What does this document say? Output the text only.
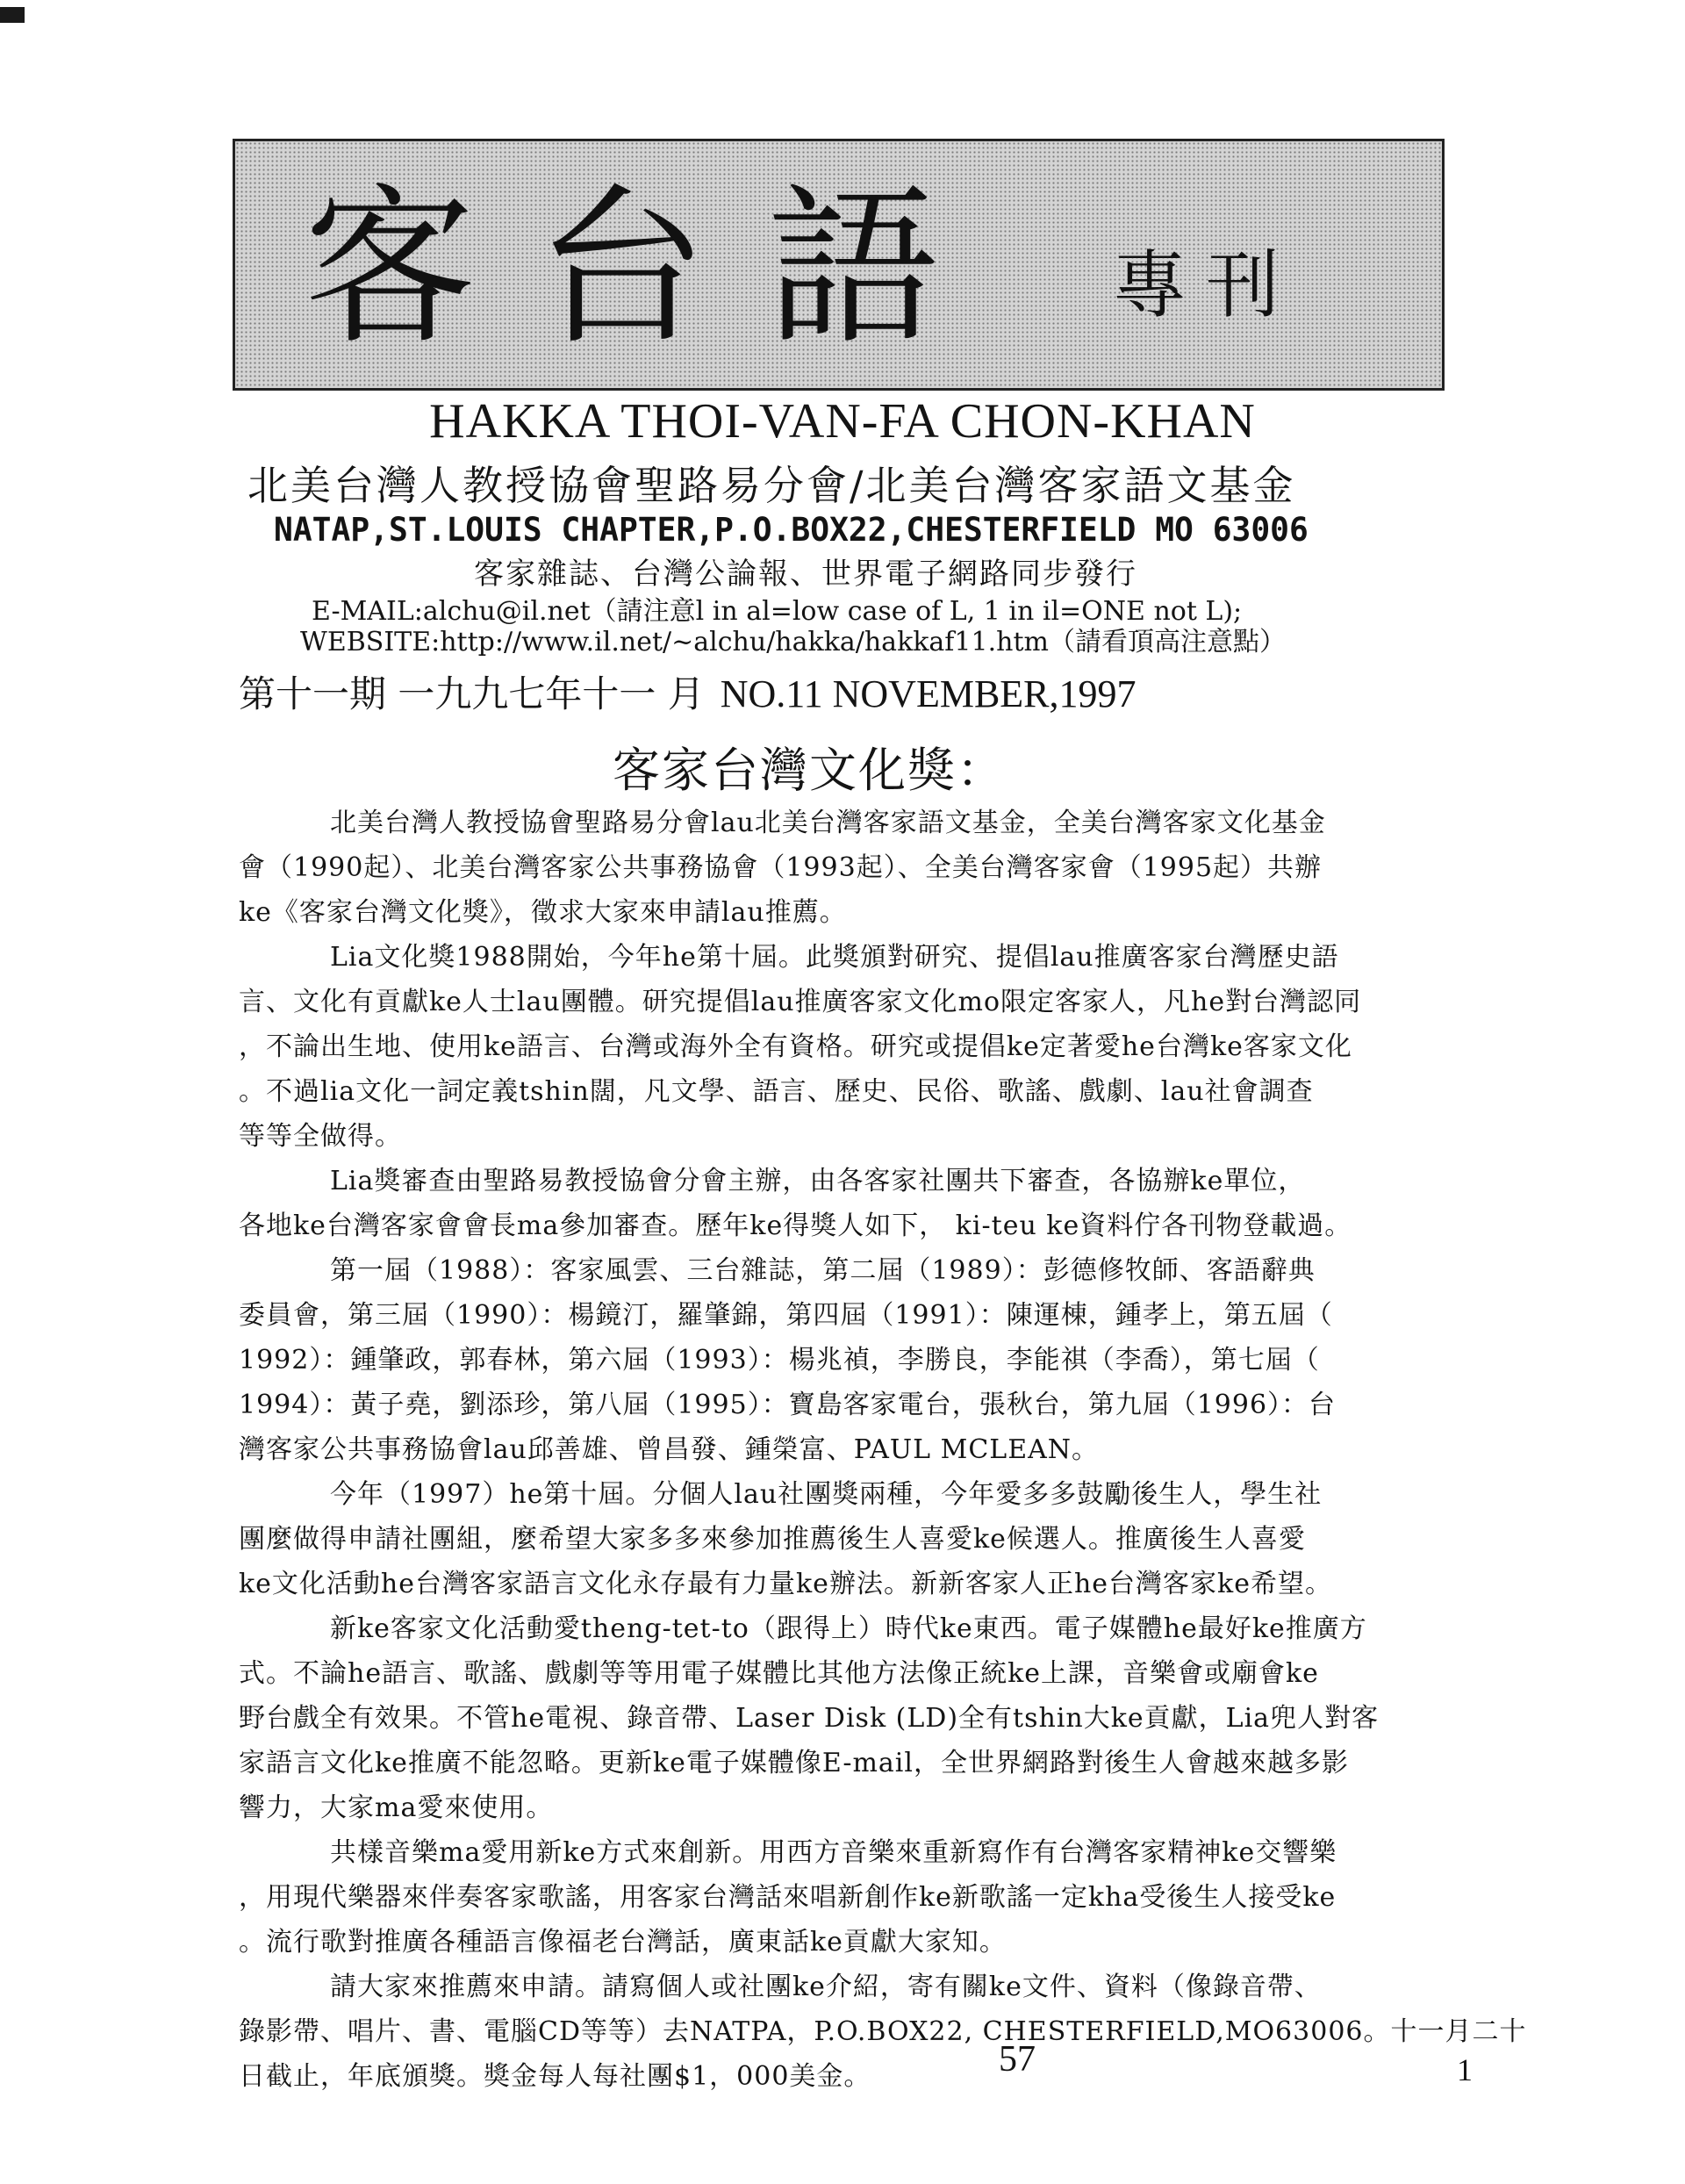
客台語 專刊
HAKKA THOI-VAN-FA CHON-KHAN
北美台灣人教授協會聖路易分會/北美台灣客家語文基金
NATAP,ST.LOUIS CHAPTER,P.O.BOX22,CHESTERFIELD MO 63006
客家雜誌、台灣公論報、世界電子網路同步發行
E-MAIL:alchu@il.net（請注意l in al=low case of L, 1 in il=ONE not L);
WEBSITE:http://www.il.net/~alchu/hakka/hakkaf11.htm（請看頂高注意點）
第十一期 一九九七年十一 月 NO.11 NOVEMBER,1997
客家台灣文化獎：
北美台灣人教授協會聖路易分會lau北美台灣客家語文基金，全美台灣客家文化基金
會（1990起）、北美台灣客家公共事務協會（1993起）、全美台灣客家會（1995起）共辦
ke《客家台灣文化獎》，徵求大家來申請lau推薦。
Lia文化獎1988開始，今年he第十屆。此獎頒對研究、提倡lau推廣客家台灣歷史語
言、文化有貢獻ke人士lau團體。研究提倡lau推廣客家文化mo限定客家人，凡he對台灣認同
，不論出生地、使用ke語言、台灣或海外全有資格。研究或提倡ke定著愛he台灣ke客家文化
。不過lia文化一詞定義tshin闊，凡文學、語言、歷史、民俗、歌謠、戲劇、lau社會調查
等等全做得。
Lia獎審查由聖路易教授協會分會主辦，由各客家社團共下審查，各協辦ke單位，
各地ke台灣客家會會長ma參加審查。歷年ke得獎人如下， ki-teu ke資料佇各刊物登載過。
第一屆（1988）：客家風雲、三台雜誌，第二屆（1989）：彭德修牧師、客語辭典
委員會，第三屆（1990）：楊鏡汀，羅肇錦，第四屆（1991）：陳運棟，鍾孝上，第五屆（
1992）：鍾肇政，郭春林，第六屆（1993）：楊兆禎，李勝良，李能祺（李喬），第七屆（
1994）：黃子堯，劉添珍，第八屆（1995）：寶島客家電台，張秋台，第九屆（1996）：台
灣客家公共事務協會lau邱善雄、曾昌發、鍾榮富、PAUL MCLEAN。
今年（1997）he第十屆。分個人lau社團獎兩種，今年愛多多鼓勵後生人，學生社
團麼做得申請社團組，麼希望大家多多來參加推薦後生人喜愛ke候選人。推廣後生人喜愛
ke文化活動he台灣客家語言文化永存最有力量ke辦法。新新客家人正he台灣客家ke希望。
新ke客家文化活動愛theng-tet-to（跟得上）時代ke東西。電子媒體he最好ke推廣方
式。不論he語言、歌謠、戲劇等等用電子媒體比其他方法像正統ke上課，音樂會或廟會ke
野台戲全有效果。不管he電視、錄音帶、Laser Disk (LD)全有tshin大ke貢獻，Lia兜人對客
家語言文化ke推廣不能忽略。更新ke電子媒體像E-mail，全世界網路對後生人會越來越多影
響力，大家ma愛來使用。
共樣音樂ma愛用新ke方式來創新。用西方音樂來重新寫作有台灣客家精神ke交響樂
，用現代樂器來伴奏客家歌謠，用客家台灣話來唱新創作ke新歌謠一定kha受後生人接受ke
。流行歌對推廣各種語言像福老台灣話，廣東話ke貢獻大家知。
請大家來推薦來申請。請寫個人或社團ke介紹，寄有關ke文件、資料（像錄音帶、
錄影帶、唱片、書、電腦CD等等）去NATPA，P.O.BOX22, CHESTERFIELD,MO63006。十一月二十
日截止，年底頒獎。獎金每人每社團$1，000美金。	57	1
